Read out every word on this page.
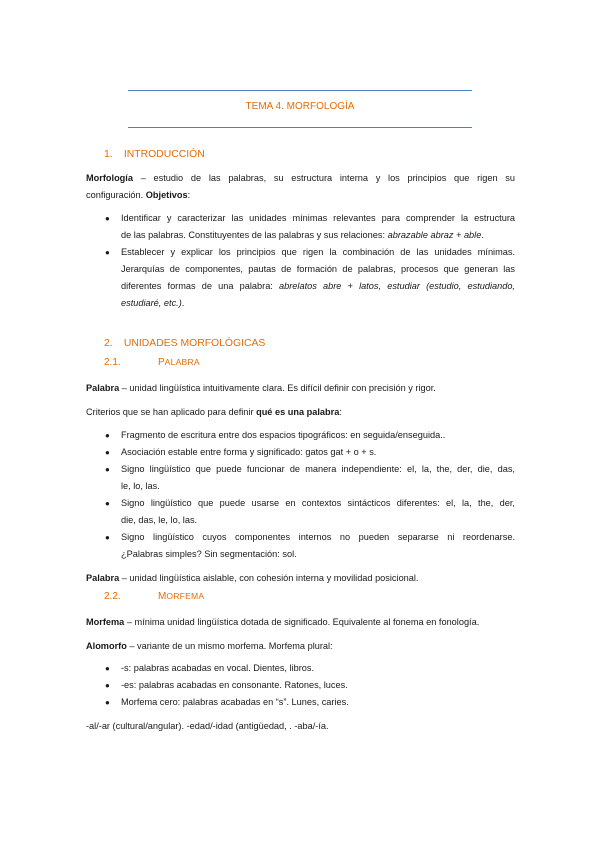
TEMA 4. MORFOLOGÍA
1. INTRODUCCIÓN
Morfología – estudio de las palabras, su estructura interna y los principios que rigen su
configuración. Objetivos:
● Identificar y caracterizar las unidades mínimas relevantes para comprender la estructura
de las palabras. Constituyentes de las palabras y sus relaciones: abrazable abraz + able.
● Establecer y explicar los principios que rigen la combinación de las unidades mínimas.
Jerarquías de componentes, pautas de formación de palabras, procesos que generan las
diferentes formas de una palabra: abrelatos abre + latos, estudiar (estudio, estudiando,
estudiaré, etc.).
2. UNIDADES MORFOLÓGICAS
2.1.	PALABRA
Palabra – unidad lingüística intuitivamente clara. Es difícil definir con precisión y rigor.
Criterios que se han aplicado para definir qué es una palabra:
● Fragmento de escritura entre dos espacios tipográficos: en seguida/enseguida..
● Asociación estable entre forma y significado: gatos gat + o + s.
● Signo lingüístico que puede funcionar de manera independiente: el, la, the, der, die, das,
le, lo, las.
● Signo lingüístico que puede usarse en contextos sintácticos diferentes: el, la, the, der,
die, das, le, lo, las.
● Signo lingüístico cuyos componentes internos no pueden separarse ni reordenarse.
¿Palabras simples? Sin segmentación: sol.
Palabra – unidad lingüística aislable, con cohesión interna y movilidad posicional.
2.2.	MORFEMA
Morfema – mínima unidad lingüística dotada de significado. Equivalente al fonema en fonología.
Alomorfo – variante de un mismo morfema. Morfema plural:
● -s: palabras acabadas en vocal. Dientes, libros.
● -es: palabras acabadas en consonante. Ratones, luces.
● Morfema cero: palabras acabadas en “s”. Lunes, caries.
-al/-ar (cultural/angular). -edad/-idad (antigüedad, . -aba/-ía.
